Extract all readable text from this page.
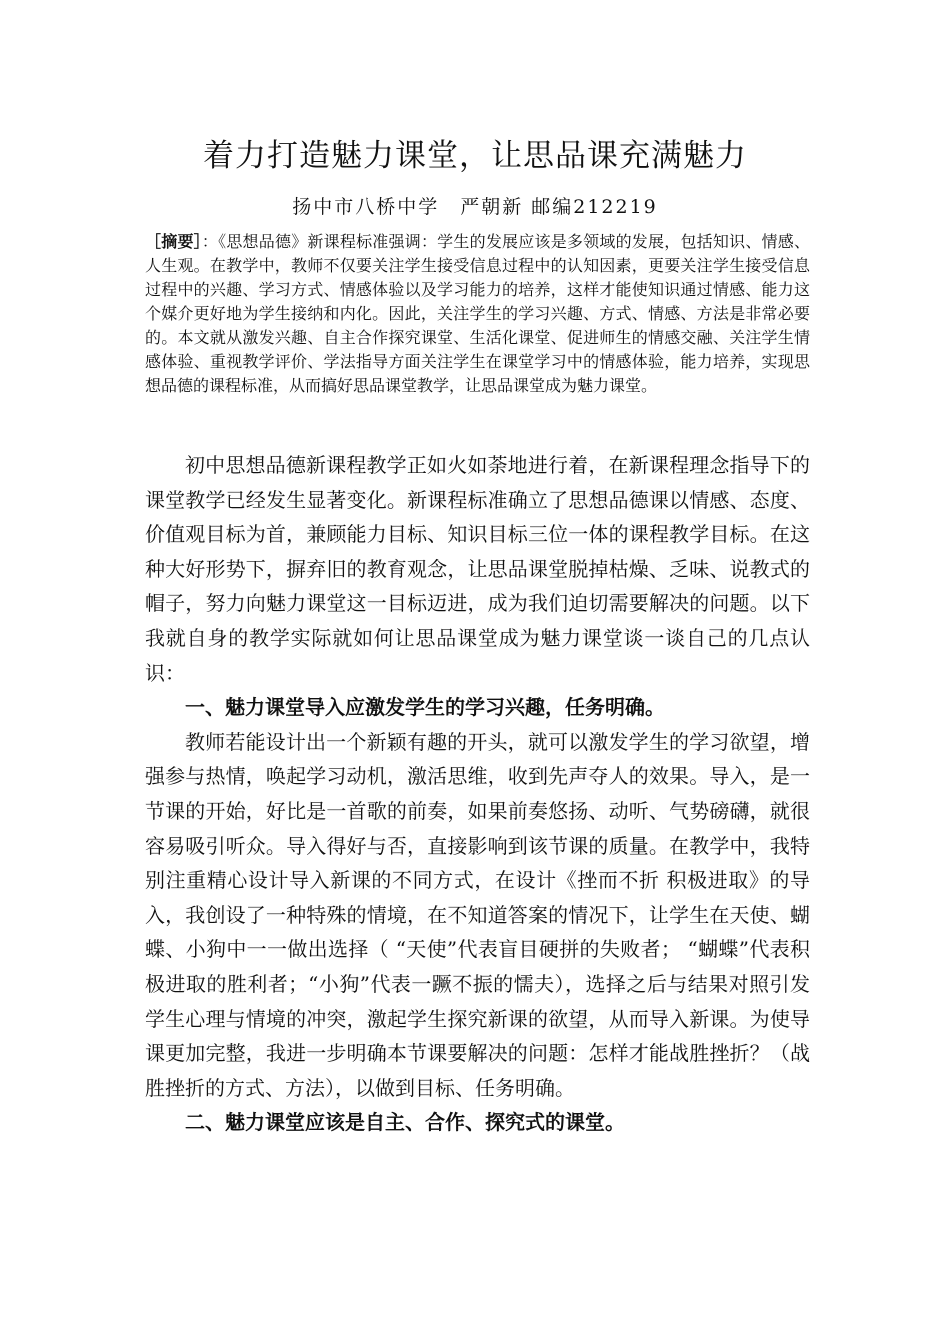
着力打造魅力课堂，让思品课充满魅力
扬中市八桥中学　严朝新 邮编212219
［摘要］：《思想品德》新课程标准强调：学生的发展应该是多领域的发展，包括知识、情感、人生观。在教学中，教师不仅要关注学生接受信息过程中的认知因素，更要关注学生接受信息过程中的兴趣、学习方式、情感体验以及学习能力的培养，这样才能使知识通过情感、能力这个媒介更好地为学生接纳和内化。因此，关注学生的学习兴趣、方式、情感、方法是非常必要的。本文就从激发兴趣、自主合作探究课堂、生活化课堂、促进师生的情感交融、关注学生情感体验、重视教学评价、学法指导方面关注学生在课堂学习中的情感体验，能力培养，实现思想品德的课程标准，从而搞好思品课堂教学，让思品课堂成为魅力课堂。

初中思想品德新课程教学正如火如荼地进行着，在新课程理念指导下的课堂教学已经发生显著变化。新课程标准确立了思想品德课以情感、态度、价值观目标为首，兼顾能力目标、知识目标三位一体的课程教学目标。在这种大好形势下，摒弃旧的教育观念，让思品课堂脱掉枯燥、乏味、说教式的帽子，努力向魅力课堂这一目标迈进，成为我们迫切需要解决的问题。以下我就自身的教学实际就如何让思品课堂成为魅力课堂谈一谈自己的几点认识：

一、魅力课堂导入应激发学生的学习兴趣，任务明确。

教师若能设计出一个新颖有趣的开头，就可以激发学生的学习欲望，增强参与热情，唤起学习动机，激活思维，收到先声夺人的效果。导入，是一节课的开始，好比是一首歌的前奏，如果前奏悠扬、动听、气势磅礴，就很容易吸引听众。导入得好与否，直接影响到该节课的质量。在教学中，我特别注重精心设计导入新课的不同方式，在设计《挫而不折 积极进取》的导入，我创设了一种特殊的情境，在不知道答案的情况下，让学生在天使、蝴蝶、小狗中一一做出选择（ “天使”代表盲目硬拼的失败者； “蝴蝶”代表积极进取的胜利者；“小狗”代表一蹶不振的懦夫），选择之后与结果对照引发学生心理与情境的冲突，激起学生探究新课的欲望，从而导入新课。为使导课更加完整，我进一步明确本节课要解决的问题：怎样才能战胜挫折？（战胜挫折的方式、方法），以做到目标、任务明确。

二、魅力课堂应该是自主、合作、探究式的课堂。
